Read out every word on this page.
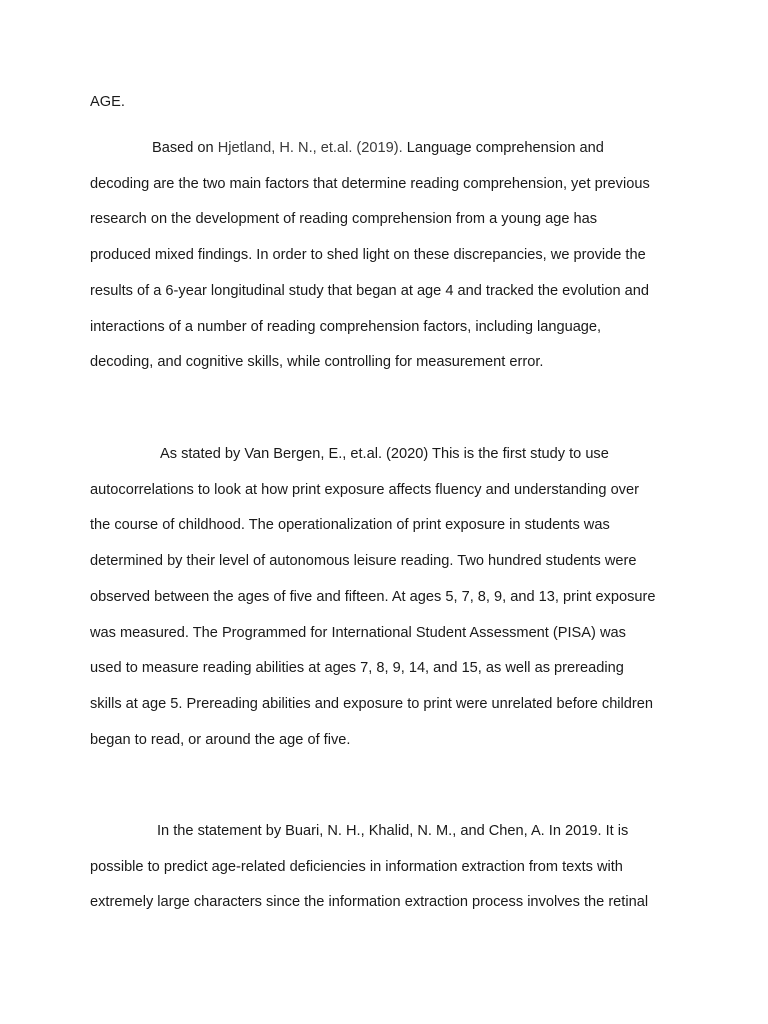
AGE.
Based on Hjetland, H. N., et.al. (2019). Language comprehension and
decoding are the two main factors that determine reading comprehension, yet previous
research on the development of reading comprehension from a young age has
produced mixed findings. In order to shed light on these discrepancies, we provide the
results of a 6-year longitudinal study that began at age 4 and tracked the evolution and
interactions of a number of reading comprehension factors, including language,
decoding, and cognitive skills, while controlling for measurement error.
As stated by Van Bergen, E., et.al. (2020) This is the first study to use
autocorrelations to look at how print exposure affects fluency and understanding over
the course of childhood. The operationalization of print exposure in students was
determined by their level of autonomous leisure reading. Two hundred students were
observed between the ages of five and fifteen. At ages 5, 7, 8, 9, and 13, print exposure
was measured. The Programmed for International Student Assessment (PISA) was
used to measure reading abilities at ages 7, 8, 9, 14, and 15, as well as prereading
skills at age 5. Prereading abilities and exposure to print were unrelated before children
began to read, or around the age of five.
In the statement by Buari, N. H., Khalid, N. M., and Chen, A. In 2019. It is
possible to predict age-related deficiencies in information extraction from texts with
extremely large characters since the information extraction process involves the retinal
